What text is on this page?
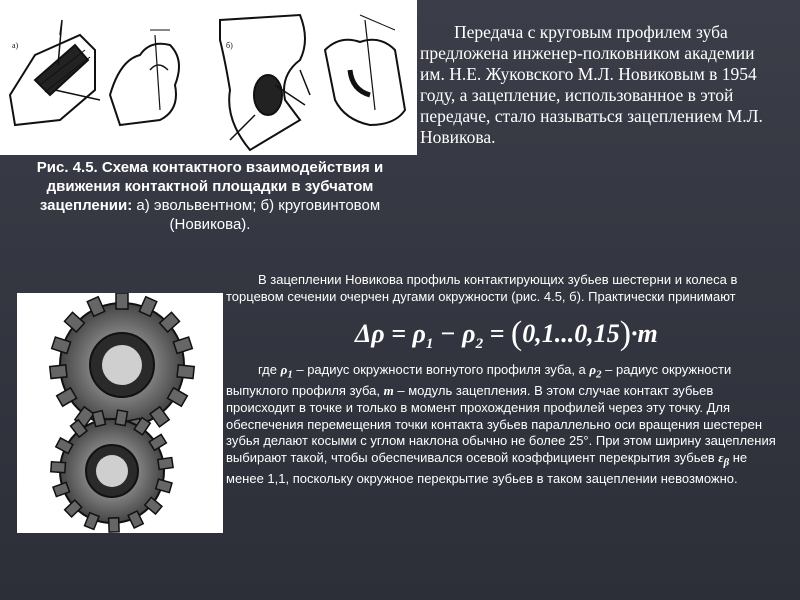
а)	б)
Рис. 4.5. Схема контактного взаимодействия и движения контактной площадки в зубчатом зацеплении: а) эвольвентном; б) круговинтовом (Новикова).
Передача с круговым профилем зуба предложена инженер-полковником академии им. Н.Е. Жуковского М.Л. Новиковым в 1954 году, а зацепление, использованное в этой передаче, стало называться зацеплением М.Л. Новикова.

В зацеплении Новикова профиль контактирующих зубьев шестерни и колеса в торцевом сечении очерчен дугами окружности (рис. 4.5, б). Практически принимают

$\Delta\rho = \rho_1 - \rho_2 = (0,1...0,15)\cdot m$
где $\rho_1$ – радиус окружности вогнутого профиля зуба, а $\rho_2$ – радиус окружности выпуклого профиля зуба, m – модуль зацепления. В этом случае контакт зубьев происходит в точке и только в момент прохождения профилей через эту точку. Для обеспечения перемещения точки контакта зубьев параллельно оси вращения шестерен зубья делают косыми с углом наклона обычно не более 25°. При этом ширину зацепления выбирают такой, чтобы обеспечивался осевой коэффициент перекрытия зубьев $\varepsilon_\beta$ не менее 1,1, поскольку окружное перекрытие зубьев в таком зацеплении невозможно.
